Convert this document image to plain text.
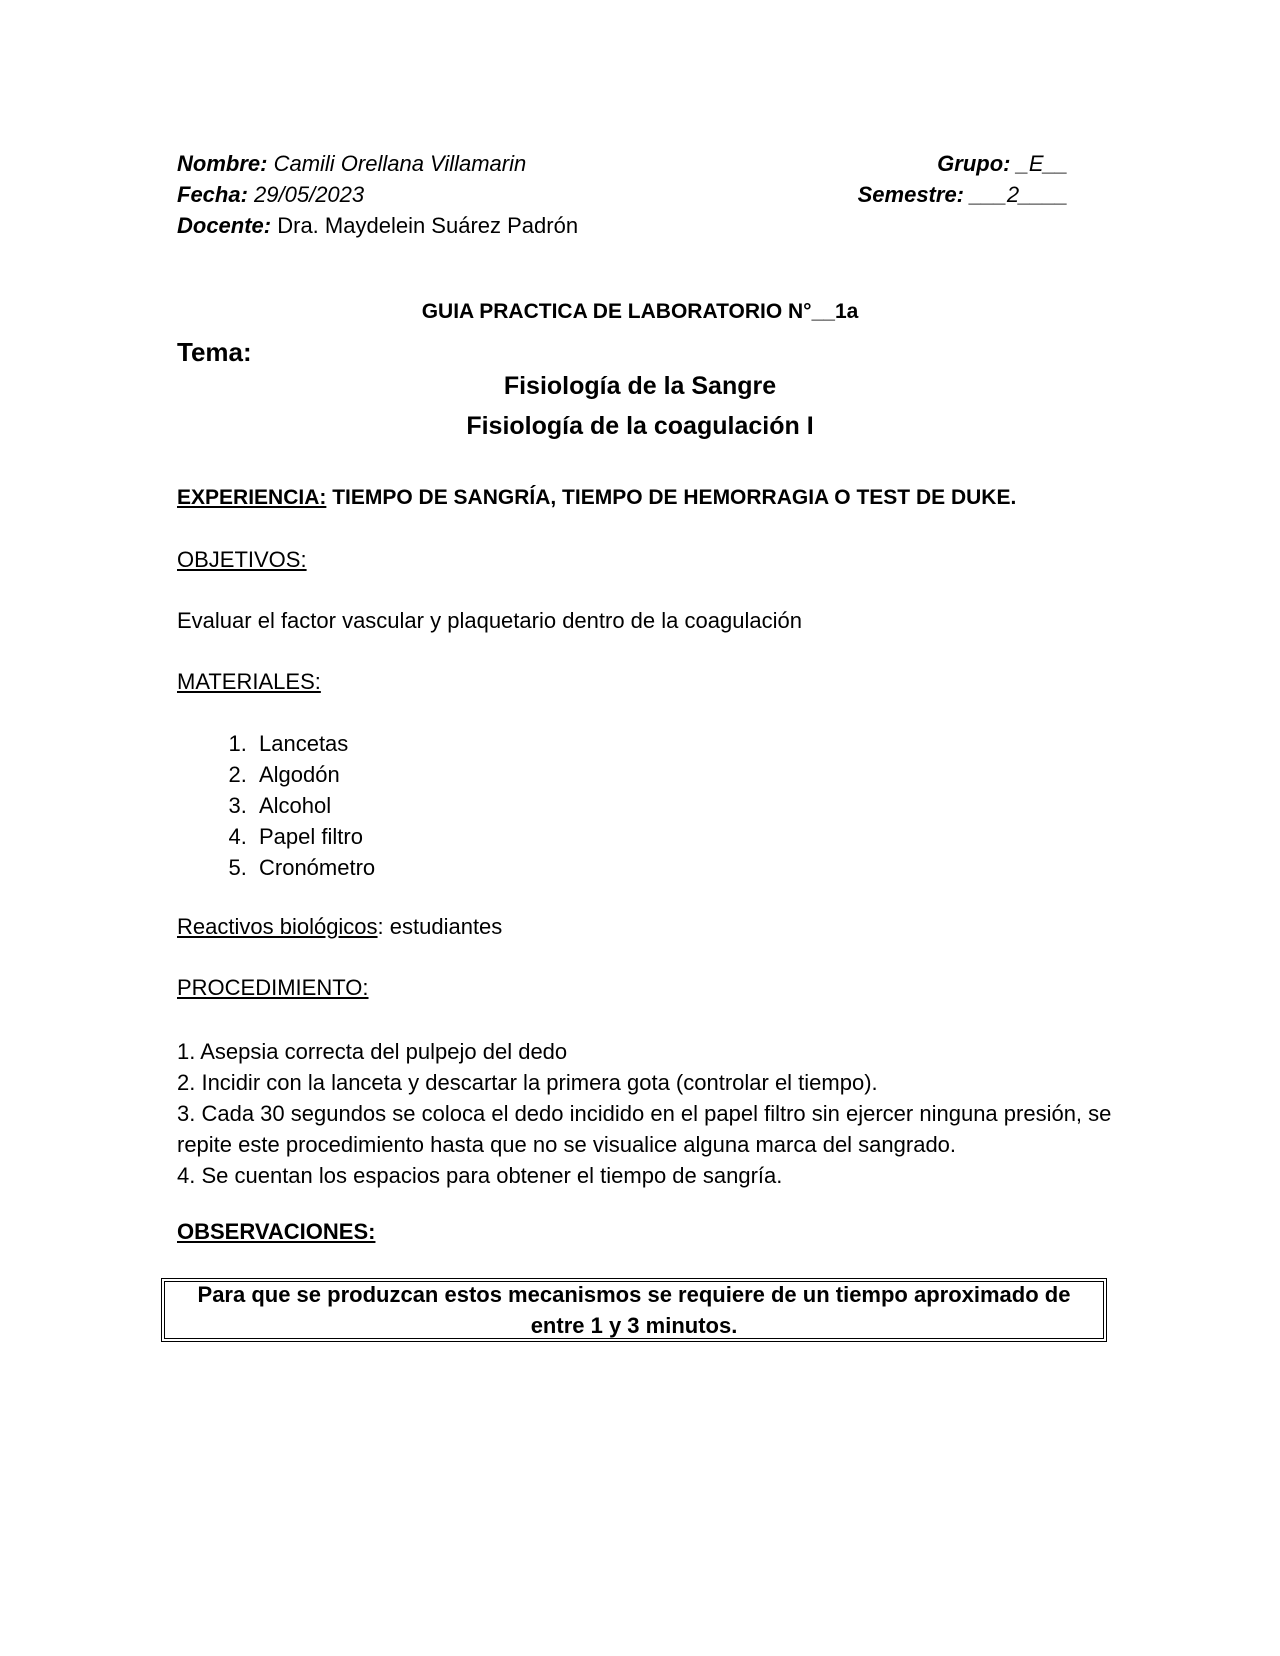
Nombre: Camili Orellana Villamarin
Fecha: 29/05/2023
Docente: Dra. Maydelein Suárez Padrón
Grupo: _E__
Semestre: ___2____
GUIA PRACTICA DE LABORATORIO N°__1a
Tema:
Fisiología de la Sangre
Fisiología de la coagulación I
EXPERIENCIA: TIEMPO DE SANGRÍA, TIEMPO DE HEMORRAGIA O TEST DE DUKE.
OBJETIVOS:
Evaluar el factor vascular y plaquetario dentro de la coagulación
MATERIALES:
1. Lancetas
2. Algodón
3. Alcohol
4. Papel filtro
5. Cronómetro
Reactivos biológicos: estudiantes
PROCEDIMIENTO:
1. Asepsia correcta del pulpejo del dedo
2. Incidir con la lanceta y descartar la primera gota (controlar el tiempo).
3. Cada 30 segundos se coloca el dedo incidido en el papel filtro sin ejercer ninguna presión, se repite este procedimiento hasta que no se visualice alguna marca del sangrado.
4. Se cuentan los espacios para obtener el tiempo de sangría.
OBSERVACIONES:
Para que se produzcan estos mecanismos se requiere de un tiempo aproximado de entre 1 y 3 minutos.
